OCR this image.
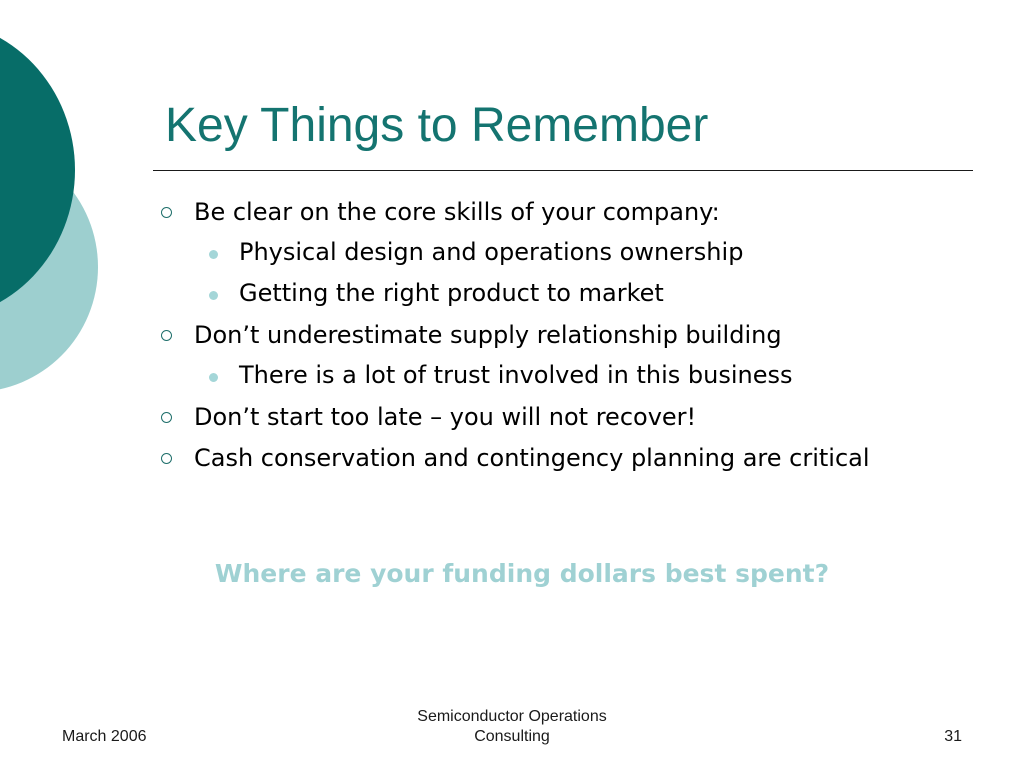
Key Things to Remember
Be clear on the core skills of your company:
Physical design and operations ownership
Getting the right product to market
Don’t underestimate supply relationship building
There is a lot of trust involved in this business
Don’t start too late – you will not recover!
Cash conservation and contingency planning are critical

Where are your funding dollars best spent?

March 2006
Semiconductor Operations Consulting	31
